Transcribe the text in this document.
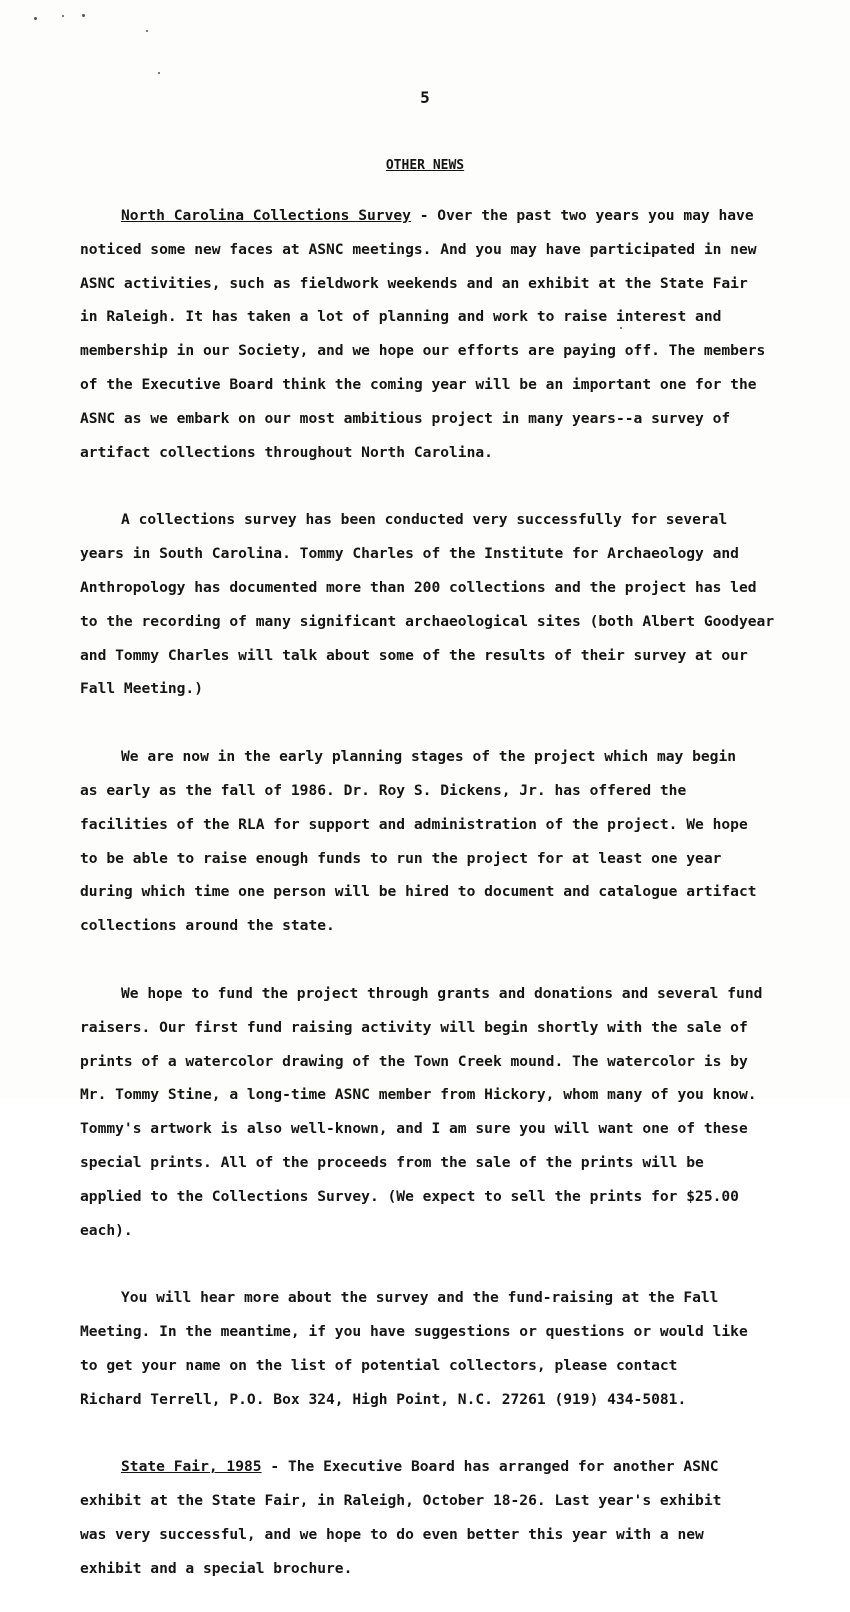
5
OTHER NEWS

North Carolina Collections Survey - Over the past two years you may have

noticed some new faces at ASNC meetings. And you may have participated in new

ASNC activities, such as fieldwork weekends and an exhibit at the State Fair

in Raleigh. It has taken a lot of planning and work to raise interest and

membership in our Society, and we hope our efforts are paying off. The members

of the Executive Board think the coming year will be an important one for the

ASNC as we embark on our most ambitious project in many years--a survey of

artifact collections throughout North Carolina.

A collections survey has been conducted very successfully for several

years in South Carolina. Tommy Charles of the Institute for Archaeology and

Anthropology has documented more than 200 collections and the project has led

to the recording of many significant archaeological sites (both Albert Goodyear

and Tommy Charles will talk about some of the results of their survey at our

Fall Meeting.)

We are now in the early planning stages of the project which may begin

as early as the fall of 1986. Dr. Roy S. Dickens, Jr. has offered the

facilities of the RLA for support and administration of the project. We hope

to be able to raise enough funds to run the project for at least one year

during which time one person will be hired to document and catalogue artifact

collections around the state.

We hope to fund the project through grants and donations and several fund

raisers. Our first fund raising activity will begin shortly with the sale of

prints of a watercolor drawing of the Town Creek mound. The watercolor is by

Mr. Tommy Stine, a long-time ASNC member from Hickory, whom many of you know.

Tommy's artwork is also well-known, and I am sure you will want one of these

special prints. All of the proceeds from the sale of the prints will be

applied to the Collections Survey. (We expect to sell the prints for $25.00

each).

You will hear more about the survey and the fund-raising at the Fall

Meeting. In the meantime, if you have suggestions or questions or would like

to get your name on the list of potential collectors, please contact

Richard Terrell, P.O. Box 324, High Point, N.C. 27261 (919) 434-5081.

State Fair, 1985 - The Executive Board has arranged for another ASNC

exhibit at the State Fair, in Raleigh, October 18-26. Last year's exhibit

was very successful, and we hope to do even better this year with a new

exhibit and a special brochure.
